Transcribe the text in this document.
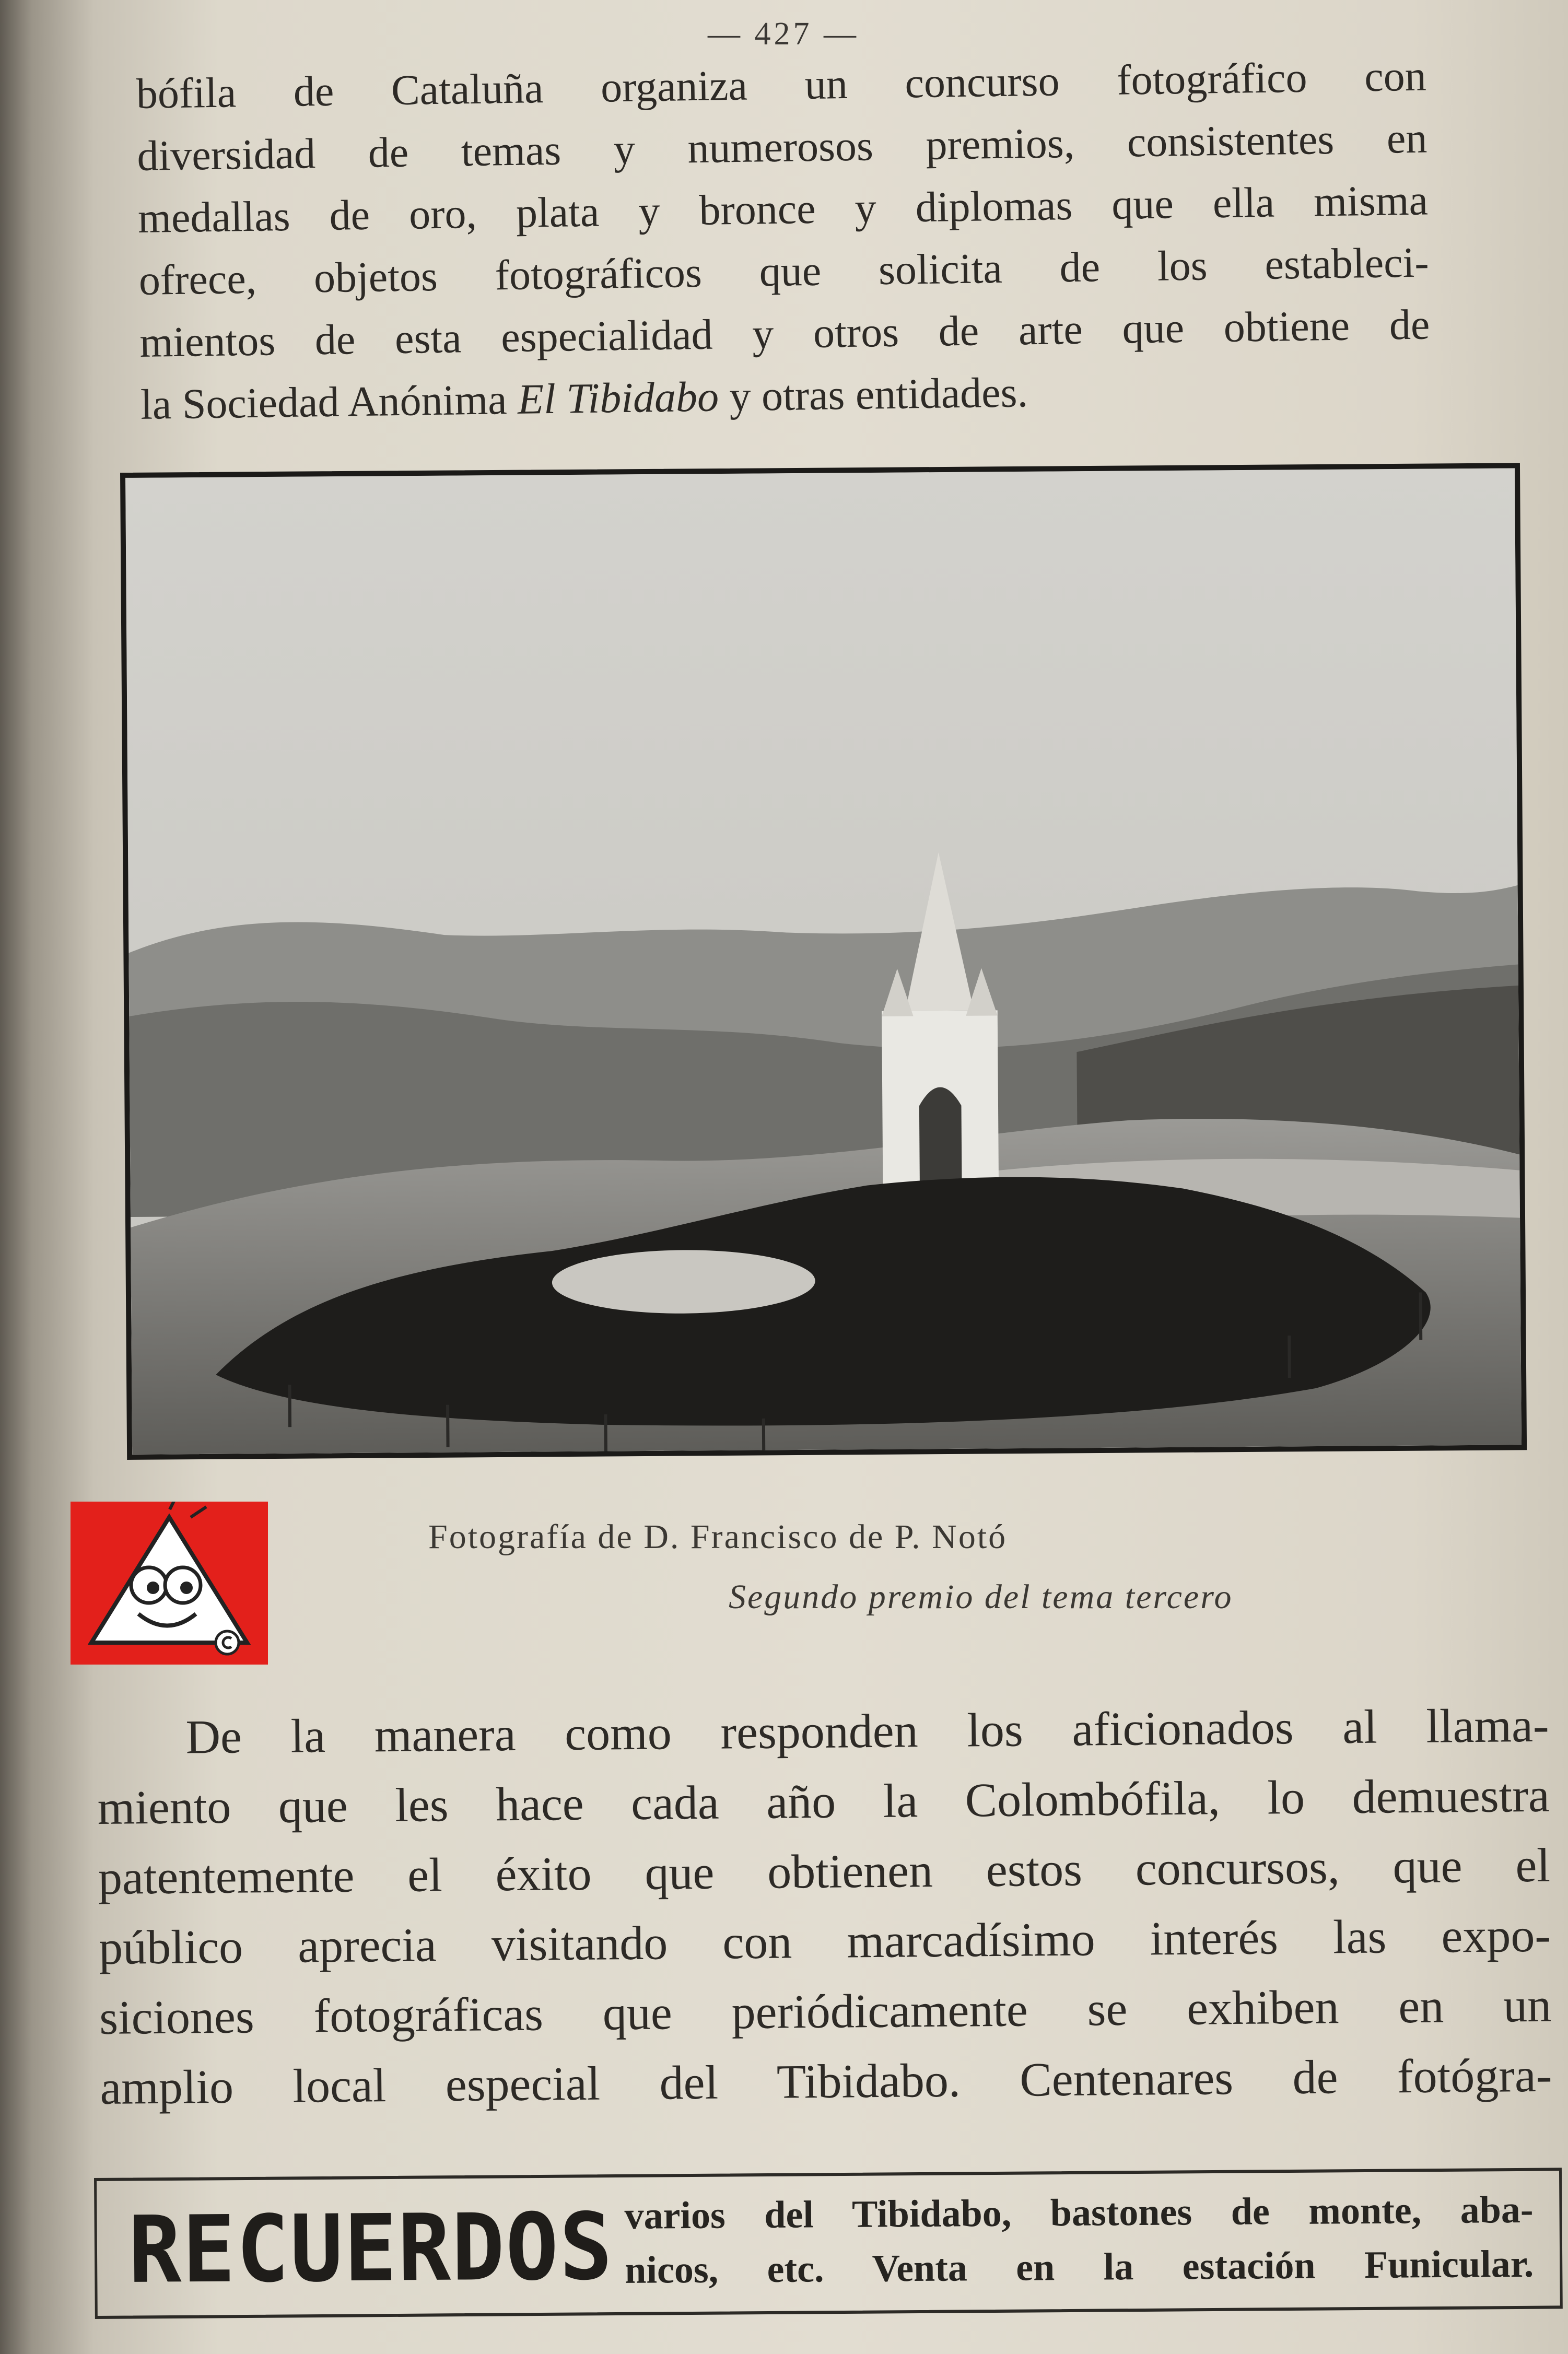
— 427 —
bófila de Cataluña organiza un concurso fotográfico con
diversidad de temas y numerosos premios, consistentes en
medallas de oro, plata y bronce y diplomas que ella misma
ofrece, objetos fotográficos que solicita de los estableci-
mientos de esta especialidad y otros de arte que obtiene de
la Sociedad Anónima El Tibidabo y otras entidades.
Fotografía de D. Francisco de P. Notó
Segundo premio del tema tercero
De la manera como responden los aficionados al llama-
miento que les hace cada año la Colombófila, lo demuestra
patentemente el éxito que obtienen estos concursos, que el
público aprecia visitando con marcadísimo interés las expo-
siciones fotográficas que periódicamente se exhiben en un
amplio local especial del Tibidabo. Centenares de fotógra-
RECUERDOS varios del Tibidabo, bastones de monte, aba-
nicos, etc. Venta en la estación Funicular.
